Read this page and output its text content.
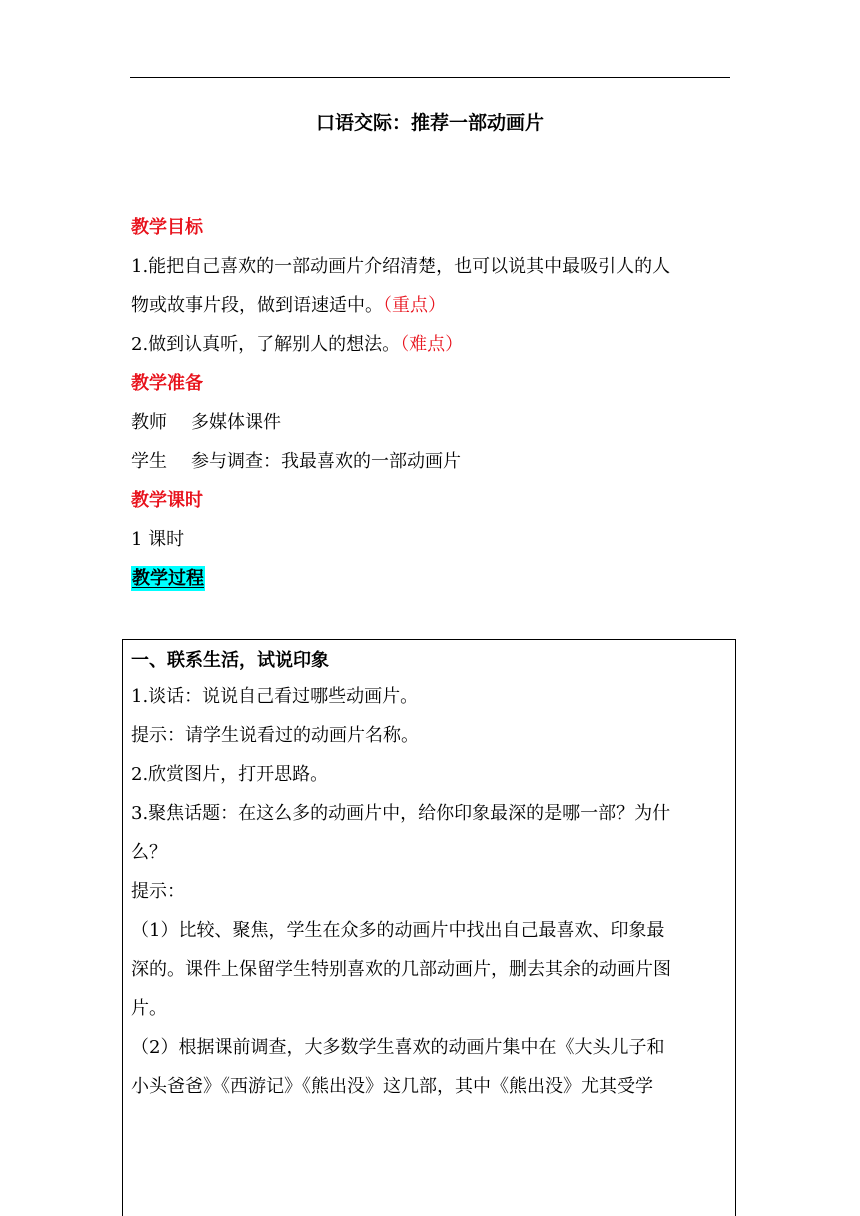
口语交际：推荐一部动画片
教学目标
1.能把自己喜欢的一部动画片介绍清楚，也可以说其中最吸引人的人
物或故事片段，做到语速适中。（重点）
2.做到认真听，了解别人的想法。（难点）
教学准备
教师 多媒体课件
学生 参与调查：我最喜欢的一部动画片
教学课时
1 课时
教学过程
一、联系生活，试说印象
1.谈话：说说自己看过哪些动画片。
提示：请学生说看过的动画片名称。
2.欣赏图片，打开思路。
3.聚焦话题：在这么多的动画片中，给你印象最深的是哪一部？为什
么？
提示：
（1）比较、聚焦，学生在众多的动画片中找出自己最喜欢、印象最
深的。课件上保留学生特别喜欢的几部动画片，删去其余的动画片图
片。
（2）根据课前调查，大多数学生喜欢的动画片集中在《大头儿子和
小头爸爸》《西游记》《熊出没》这几部，其中《熊出没》尤其受学
